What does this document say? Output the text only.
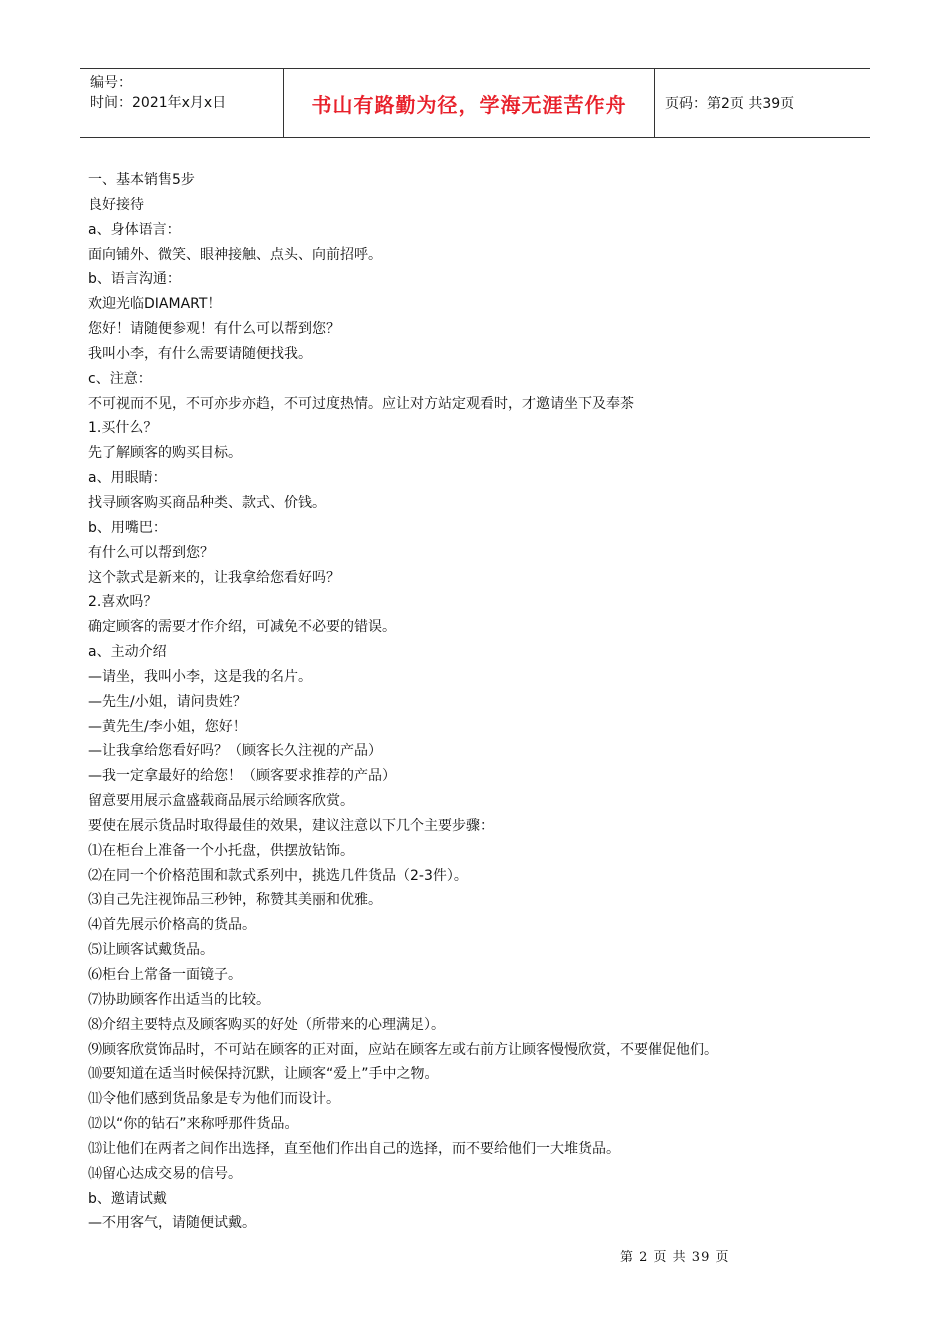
编号：
时间：2021年x月x日	书山有路勤为径，学海无涯苦作舟	页码：第2页 共39页
一、基本销售5步
良好接待
a、身体语言：
面向铺外、微笑、眼神接触、点头、向前招呼。
b、语言沟通：
欢迎光临DIAMART！
您好！请随便参观！有什么可以帮到您？
我叫小李，有什么需要请随便找我。
c、注意：
不可视而不见，不可亦步亦趋，不可过度热情。应让对方站定观看时，才邀请坐下及奉茶
1.买什么？
先了解顾客的购买目标。
a、用眼睛：
找寻顾客购买商品种类、款式、价钱。
b、用嘴巴：
有什么可以帮到您？
这个款式是新来的，让我拿给您看好吗？
2.喜欢吗？
确定顾客的需要才作介绍，可减免不必要的错误。
a、主动介绍
—请坐，我叫小李，这是我的名片。
—先生/小姐，请问贵姓？
—黄先生/李小姐，您好！
—让我拿给您看好吗？（顾客长久注视的产品）
—我一定拿最好的给您！（顾客要求推荐的产品）
留意要用展示盒盛载商品展示给顾客欣赏。
要使在展示货品时取得最佳的效果，建议注意以下几个主要步骤：
⑴在柜台上准备一个小托盘，供摆放钻饰。
⑵在同一个价格范围和款式系列中，挑选几件货品（2-3件）。
⑶自己先注视饰品三秒钟，称赞其美丽和优雅。
⑷首先展示价格高的货品。
⑸让顾客试戴货品。
⑹柜台上常备一面镜子。
⑺协助顾客作出适当的比较。
⑻介绍主要特点及顾客购买的好处（所带来的心理满足）。
⑼顾客欣赏饰品时，不可站在顾客的正对面，应站在顾客左或右前方让顾客慢慢欣赏，不要催促他们。
⑽要知道在适当时候保持沉默，让顾客“爱上”手中之物。
⑾令他们感到货品象是专为他们而设计。
⑿以“你的钻石”来称呼那件货品。
⒀让他们在两者之间作出选择，直至他们作出自己的选择，而不要给他们一大堆货品。
⒁留心达成交易的信号。
b、邀请试戴
—不用客气，请随便试戴。
第 2 页 共 39 页
